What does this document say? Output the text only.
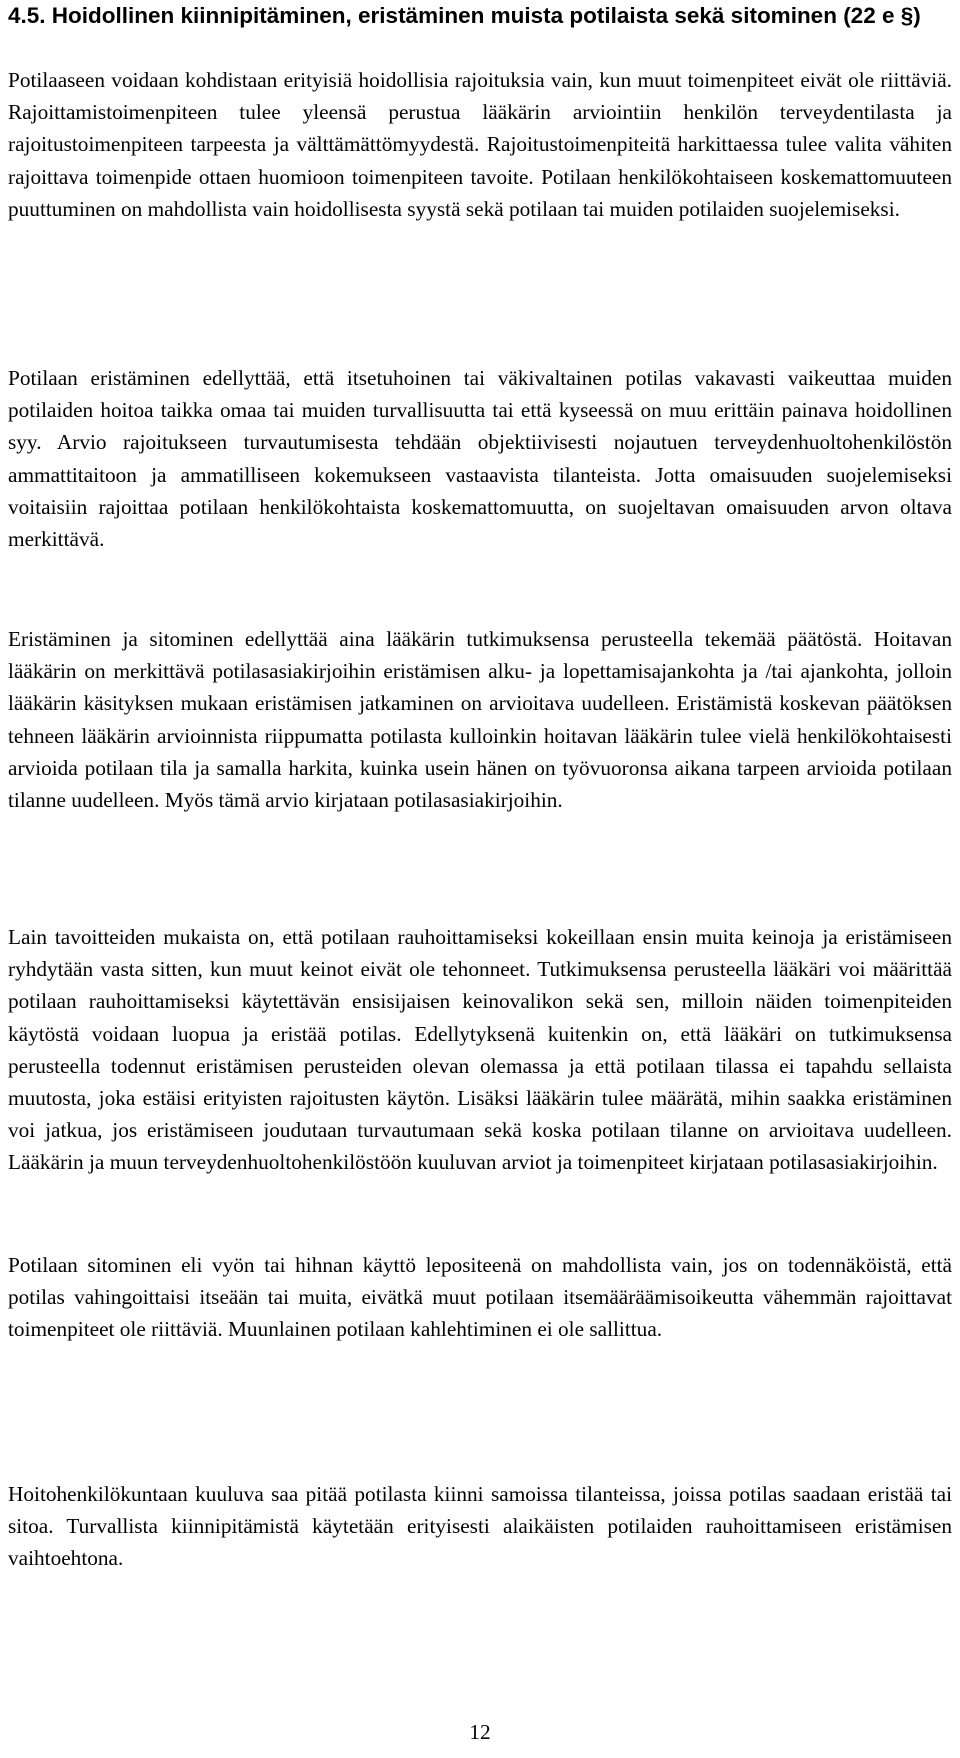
4.5. Hoidollinen kiinnipitäminen, eristäminen muista potilaista sekä sitominen (22 e §)

Potilaaseen voidaan kohdistaan erityisiä hoidollisia rajoituksia vain, kun muut toimenpiteet eivät ole riittäviä. Rajoittamistoimenpiteen tulee yleensä perustua lääkärin arviointiin henkilön terveydentilasta ja rajoitustoimenpiteen tarpeesta ja välttämättömyydestä. Rajoitustoimenpiteitä harkittaessa tulee valita vähiten rajoittava toimenpide ottaen huomioon toimenpiteen tavoite. Potilaan henkilökohtaiseen koskemattomuuteen puuttuminen on mahdollista vain hoidollisesta syystä sekä potilaan tai muiden potilaiden suojelemiseksi.

Potilaan eristäminen edellyttää, että itsetuhoinen tai väkivaltainen potilas vakavasti vaikeuttaa muiden potilaiden hoitoa taikka omaa tai muiden turvallisuutta tai että kyseessä on muu erittäin painava hoidollinen syy. Arvio rajoitukseen turvautumisesta tehdään objektiivisesti nojautuen terveydenhuoltohenkilöstön ammattitaitoon ja ammatilliseen kokemukseen vastaavista tilanteista. Jotta omaisuuden suojelemiseksi voitaisiin rajoittaa potilaan henkilökohtaista koskemattomuutta, on suojeltavan omaisuuden arvon oltava merkittävä.

Eristäminen ja sitominen edellyttää aina lääkärin tutkimuksensa perusteella tekemää päätöstä. Hoitavan lääkärin on merkittävä potilasasiakirjoihin eristämisen alku- ja lopettamisajankohta ja /tai ajankohta, jolloin lääkärin käsityksen mukaan eristämisen jatkaminen on arvioitava uudelleen. Eristämistä koskevan päätöksen tehneen lääkärin arvioinnista riippumatta potilasta kulloinkin hoitavan lääkärin tulee vielä henkilökohtaisesti arvioida potilaan tila ja samalla harkita, kuinka usein hänen on työvuoronsa aikana tarpeen arvioida potilaan tilanne uudelleen. Myös tämä arvio kirjataan potilasasiakirjoihin.

Lain tavoitteiden mukaista on, että potilaan rauhoittamiseksi kokeillaan ensin muita keinoja ja eristämiseen ryhdytään vasta sitten, kun muut keinot eivät ole tehonneet. Tutkimuksensa perusteella lääkäri voi määrittää potilaan rauhoittamiseksi käytettävän ensisijaisen keinovalikon sekä sen, milloin näiden toimenpiteiden käytöstä voidaan luopua ja eristää potilas. Edellytyksenä kuitenkin on, että lääkäri on tutkimuksensa perusteella todennut eristämisen perusteiden olevan olemassa ja että potilaan tilassa ei tapahdu sellaista muutosta, joka estäisi erityisten rajoitusten käytön. Lisäksi lääkärin tulee määrätä, mihin saakka eristäminen voi jatkua, jos eristämiseen joudutaan turvautumaan sekä koska potilaan tilanne on arvioitava uudelleen. Lääkärin ja muun terveydenhuoltohenkilöstöön kuuluvan arviot ja toimenpiteet kirjataan potilasasiakirjoihin.

Potilaan sitominen eli vyön tai hihnan käyttö lepositeenä on mahdollista vain, jos on todennäköistä, että potilas vahingoittaisi itseään tai muita, eivätkä muut potilaan itsemääräämisoikeutta vähemmän rajoittavat toimenpiteet ole riittäviä. Muunlainen potilaan kahlehtiminen ei ole sallittua.

Hoitohenkilökuntaan kuuluva saa pitää potilasta kiinni samoissa tilanteissa, joissa potilas saadaan eristää tai sitoa. Turvallista kiinnipitämistä käytetään erityisesti alaikäisten potilaiden rauhoittamiseen eristämisen vaihtoehtona.

12
